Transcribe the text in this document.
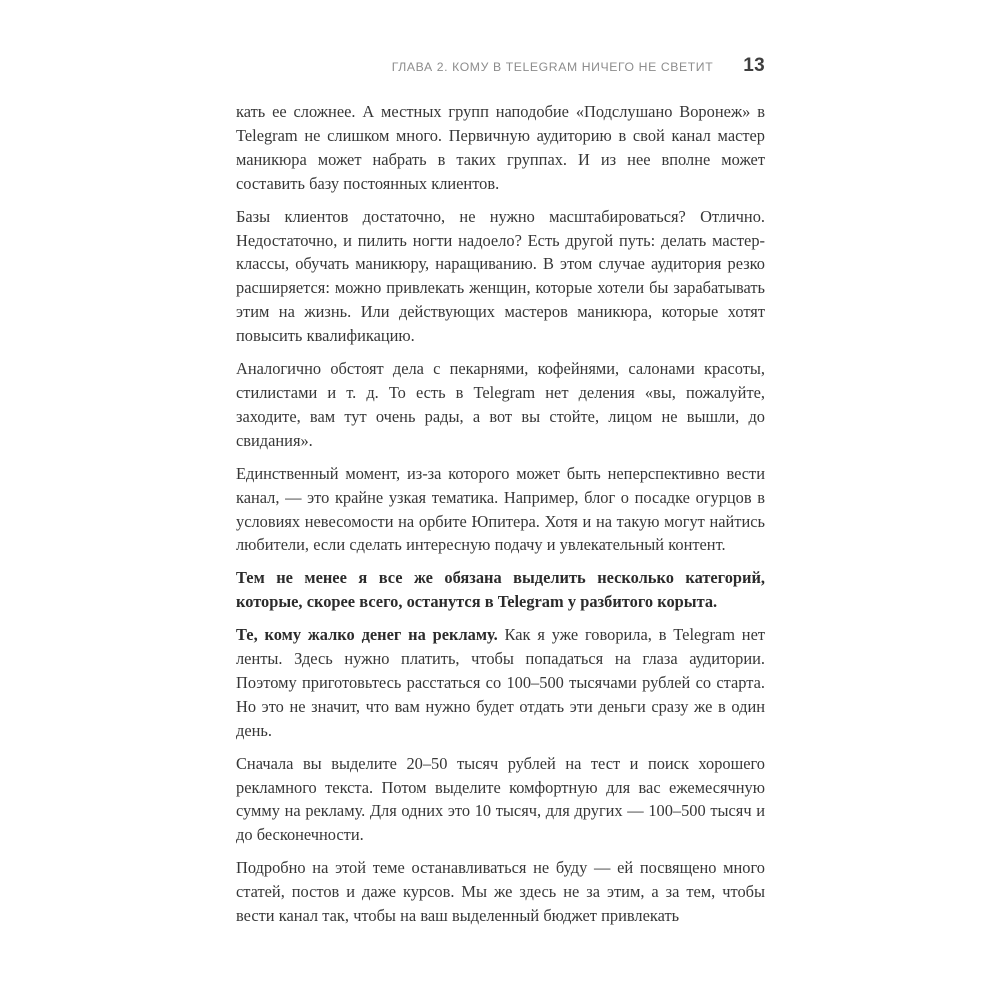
ГЛАВА 2. КОМУ В TELEGRAM НИЧЕГО НЕ СВЕТИТ 13

кать ее сложнее. А местных групп наподобие «Подслушано Воронеж» в Telegram не слишком много. Первичную аудиторию в свой канал мастер маникюра может набрать в таких группах. И из нее вполне может составить базу постоянных клиентов.

Базы клиентов достаточно, не нужно масштабироваться? Отлично. Недостаточно, и пилить ногти надоело? Есть другой путь: делать мастер-классы, обучать маникюру, наращиванию. В этом случае аудитория резко расширяется: можно привлекать женщин, которые хотели бы зарабатывать этим на жизнь. Или действующих мастеров маникюра, которые хотят повысить квалификацию.

Аналогично обстоят дела с пекарнями, кофейнями, салонами красоты, стилистами и т. д. То есть в Telegram нет деления «вы, пожалуйте, заходите, вам тут очень рады, а вот вы стойте, лицом не вышли, до свидания».

Единственный момент, из-за которого может быть неперспективно вести канал, — это крайне узкая тематика. Например, блог о посадке огурцов в условиях невесомости на орбите Юпитера. Хотя и на такую могут найтись любители, если сделать интересную подачу и увлекательный контент.

Тем не менее я все же обязана выделить несколько категорий, которые, скорее всего, останутся в Telegram у разбитого корыта.

Те, кому жалко денег на рекламу. Как я уже говорила, в Telegram нет ленты. Здесь нужно платить, чтобы попадаться на глаза аудитории. Поэтому приготовьтесь расстаться со 100–500 тысячами рублей со старта. Но это не значит, что вам нужно будет отдать эти деньги сразу же в один день.

Сначала вы выделите 20–50 тысяч рублей на тест и поиск хорошего рекламного текста. Потом выделите комфортную для вас ежемесячную сумму на рекламу. Для одних это 10 тысяч, для других — 100–500 тысяч и до бесконечности.

Подробно на этой теме останавливаться не буду — ей посвящено много статей, постов и даже курсов. Мы же здесь не за этим, а за тем, чтобы вести канал так, чтобы на ваш выделенный бюджет привлекать
